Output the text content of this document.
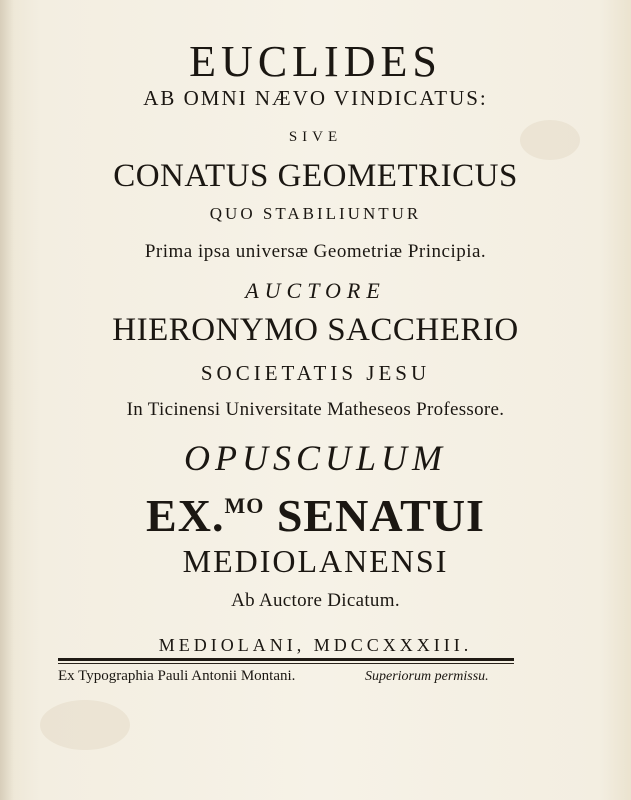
EUCLIDES
AB OMNI NÆVO VINDICATUS:
SIVE
CONATUS GEOMETRICUS
QUO STABILIUNTUR
Prima ipsa universæ Geometriæ Principia.
AUCTORE
HIERONYMO SACCHERIO
SOCIETATIS JESU
In Ticinensi Universitate Matheseos Professore.
OPUSCULUM
EX.$^{MO}$ SENATUI
MEDIOLANENSI
Ab Auctore Dicatum.
MEDIOLANI, MDCCXXXIII.
Ex Typographia Pauli Antonii Montani.	Superiorum permissu.
